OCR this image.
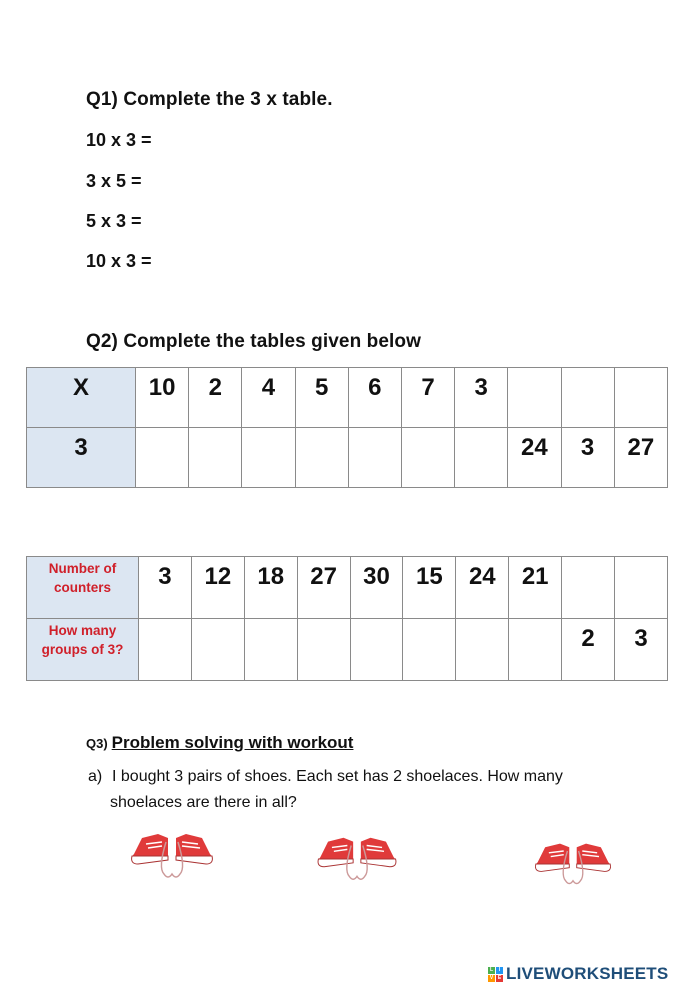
Q1) Complete the 3 x table.
10 x 3 =
3 x 5 =
5 x 3 =
10 x 3 =
Q2) Complete the tables given below
X	10	2	4	5	6	7	3			
3								24	3	27
Number of counters	3	12	18	27	30	15	24	21		
How many groups of 3?									2	3
Q3) Problem solving with workout
a) I bought 3 pairs of shoes. Each set has 2 shoelaces. How many
shoelaces are there in all?
L	I
V E LIVEWORKSHEETS
